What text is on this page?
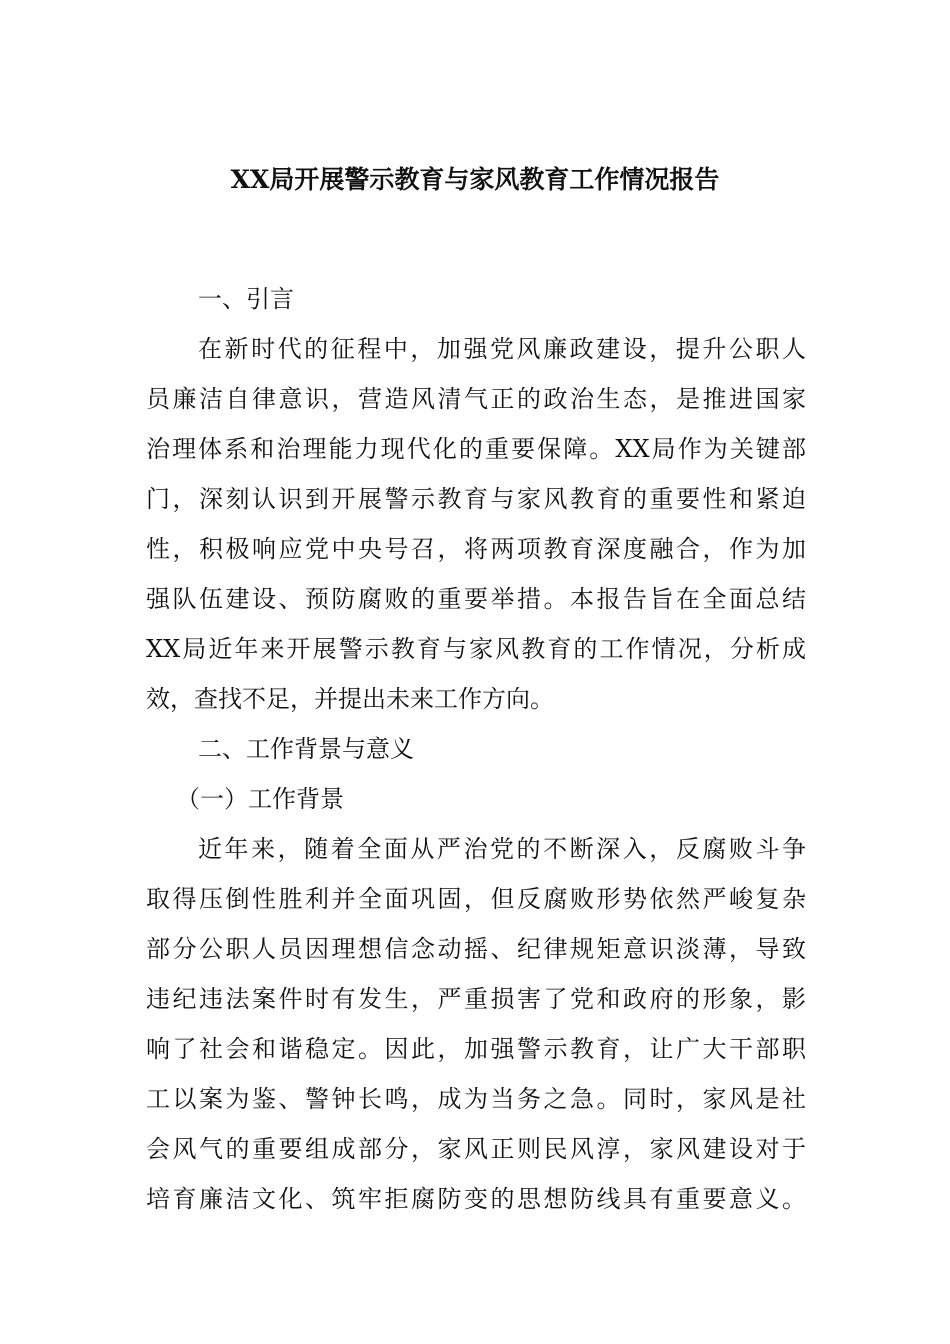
XX局开展警示教育与家风教育工作情况报告
一、引言
在新时代的征程中，加强党风廉政建设，提升公职人
员廉洁自律意识，营造风清气正的政治生态，是推进国家
治理体系和治理能力现代化的重要保障。XX局作为关键部
门，深刻认识到开展警示教育与家风教育的重要性和紧迫
性，积极响应党中央号召，将两项教育深度融合，作为加
强队伍建设、预防腐败的重要举措。本报告旨在全面总结
XX局近年来开展警示教育与家风教育的工作情况，分析成
效，查找不足，并提出未来工作方向。
二、工作背景与意义
（一）工作背景
近年来，随着全面从严治党的不断深入，反腐败斗争
取得压倒性胜利并全面巩固，但反腐败形势依然严峻复杂
部分公职人员因理想信念动摇、纪律规矩意识淡薄，导致
违纪违法案件时有发生，严重损害了党和政府的形象，影
响了社会和谐稳定。因此，加强警示教育，让广大干部职
工以案为鉴、警钟长鸣，成为当务之急。同时，家风是社
会风气的重要组成部分，家风正则民风淳，家风建设对于
培育廉洁文化、筑牢拒腐防变的思想防线具有重要意义。
